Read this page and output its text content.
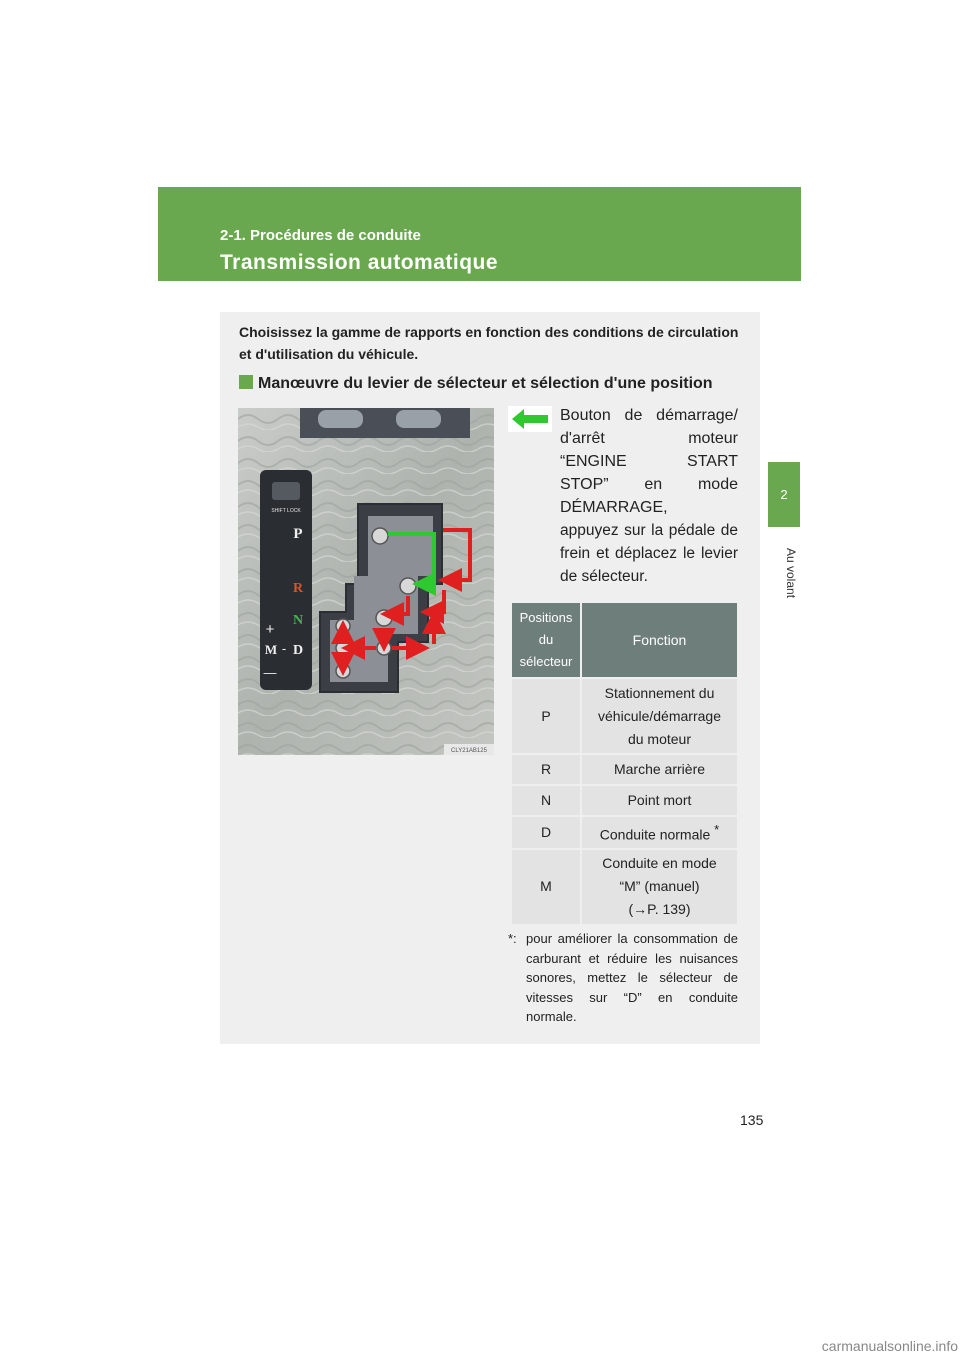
2-1. Procédures de conduite
Transmission automatique
2
Au volant
Choisissez la gamme de rapports en fonction des conditions de circulation et d'utilisation du véhicule.
Manœuvre du levier de sélecteur et sélection d'une position
SHIFT LOCK
P
R
N
+
M - D
—
CLY21AB125
Bouton de démarrage/
d'arrêt moteur
“ENGINE START
STOP” en mode
DÉMARRAGE,
appuyez sur la pédale de
frein et déplacez le levier
de sélecteur.
Positions
du
sélecteur	Fonction
P	Stationnement du
véhicule/démarrage
du moteur
R	Marche arrière
N	Point mort
D	Conduite normale *
M	Conduite en mode
“M” (manuel)
(→P. 139)
*: pour améliorer la consommation de carburant et réduire les nuisances sonores, mettez le sélecteur de vitesses sur “D” en conduite normale.
135
carmanualsonline.info
